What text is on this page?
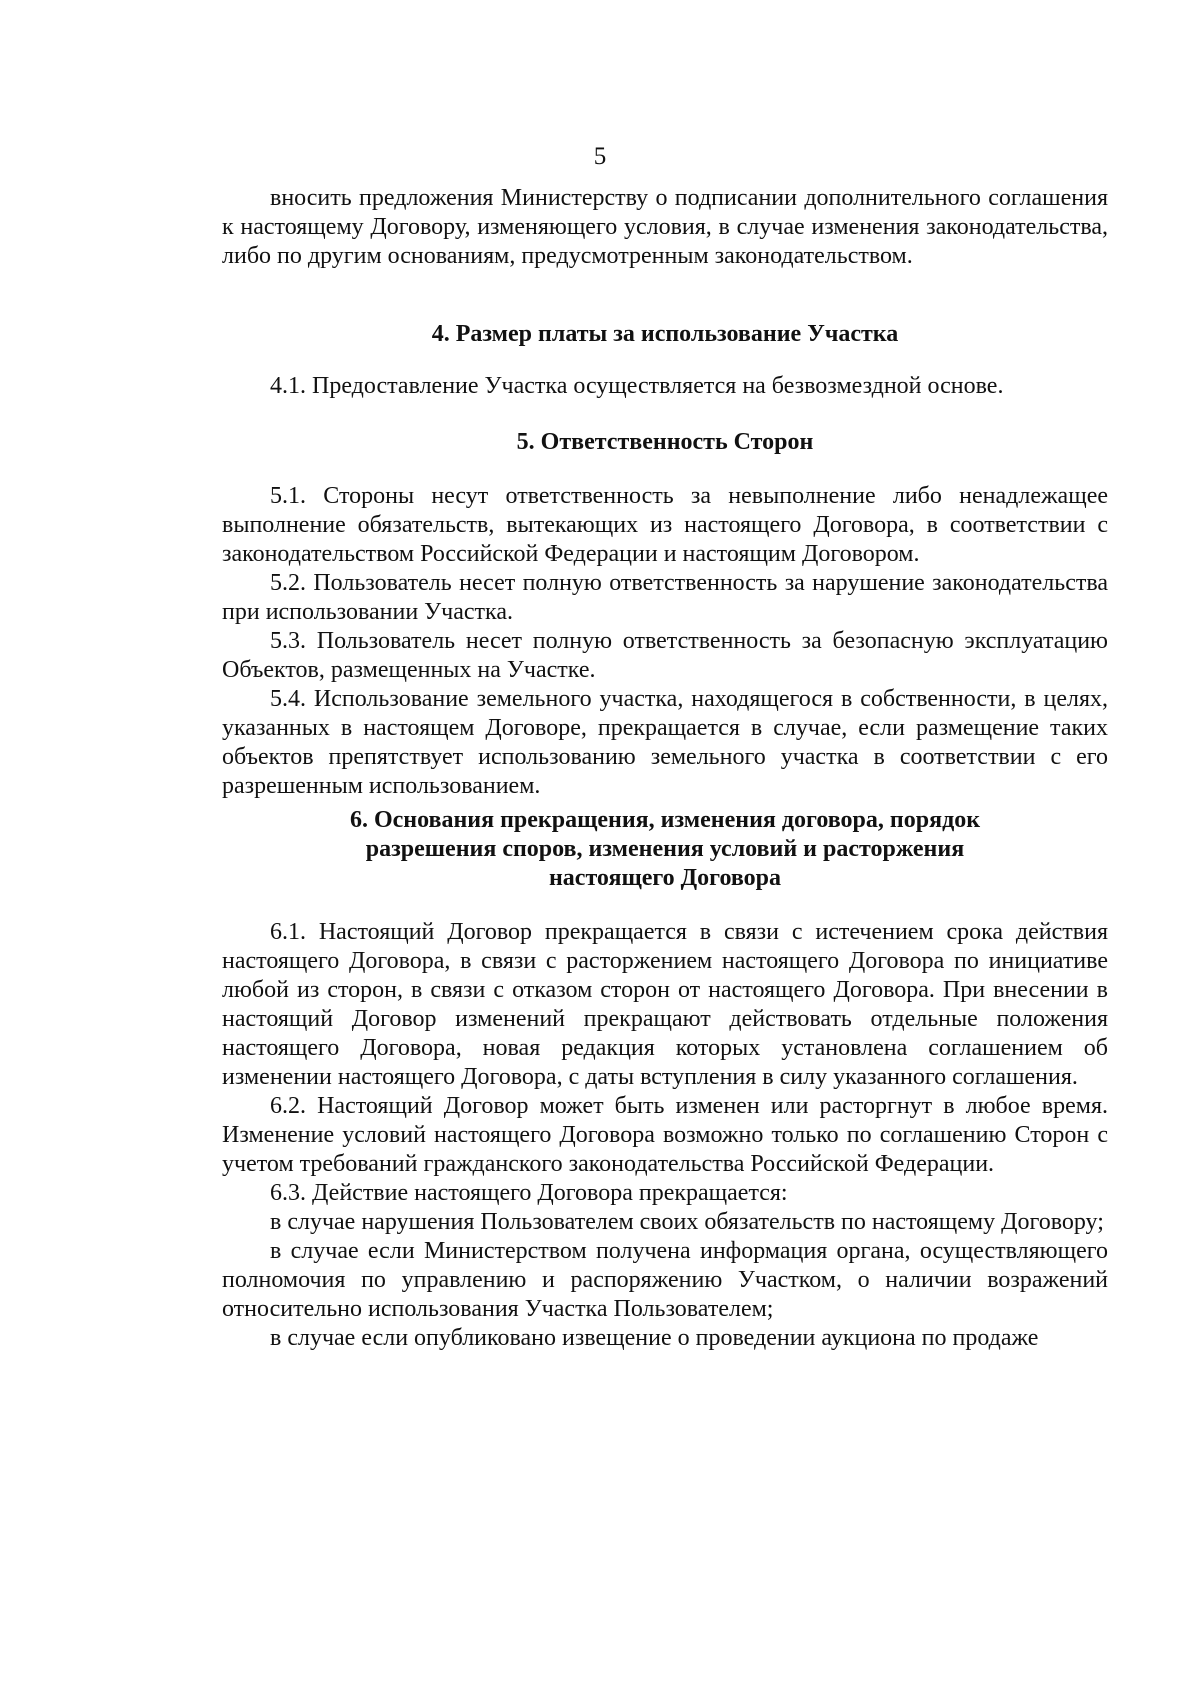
5

вносить предложения Министерству о подписании дополнительного соглашения к настоящему Договору, изменяющего условия, в случае изменения законодательства, либо по другим основаниям, предусмотренным законодательством.

4. Размер платы за использование Участка

4.1. Предоставление Участка осуществляется на безвозмездной основе.

5. Ответственность Сторон

5.1. Стороны несут ответственность за невыполнение либо ненадлежащее выполнение обязательств, вытекающих из настоящего Договора, в соответствии с законодательством Российской Федерации и настоящим Договором.

5.2. Пользователь несет полную ответственность за нарушение законодательства при использовании Участка.

5.3. Пользователь несет полную ответственность за безопасную эксплуатацию Объектов, размещенных на Участке.

5.4. Использование земельного участка, находящегося в собственности, в целях, указанных в настоящем Договоре, прекращается в случае, если размещение таких объектов препятствует использованию земельного участка в соответствии с его разрешенным использованием.

6. Основания прекращения, изменения договора, порядок
разрешения споров, изменения условий и расторжения
настоящего Договора

6.1. Настоящий Договор прекращается в связи с истечением срока действия настоящего Договора, в связи с расторжением настоящего Договора по инициативе любой из сторон, в связи с отказом сторон от настоящего Договора. При внесении в настоящий Договор изменений прекращают действовать отдельные положения настоящего Договора, новая редакция которых установлена соглашением об изменении настоящего Договора, с даты вступления в силу указанного соглашения.

6.2. Настоящий Договор может быть изменен или расторгнут в любое время. Изменение условий настоящего Договора возможно только по соглашению Сторон с учетом требований гражданского законодательства Российской Федерации.

6.3. Действие настоящего Договора прекращается:

в случае нарушения Пользователем своих обязательств по настоящему Договору;

в случае если Министерством получена информация органа, осуществляющего полномочия по управлению и распоряжению Участком, о наличии возражений относительно использования Участка Пользователем;

в случае если опубликовано извещение о проведении аукциона по продаже
